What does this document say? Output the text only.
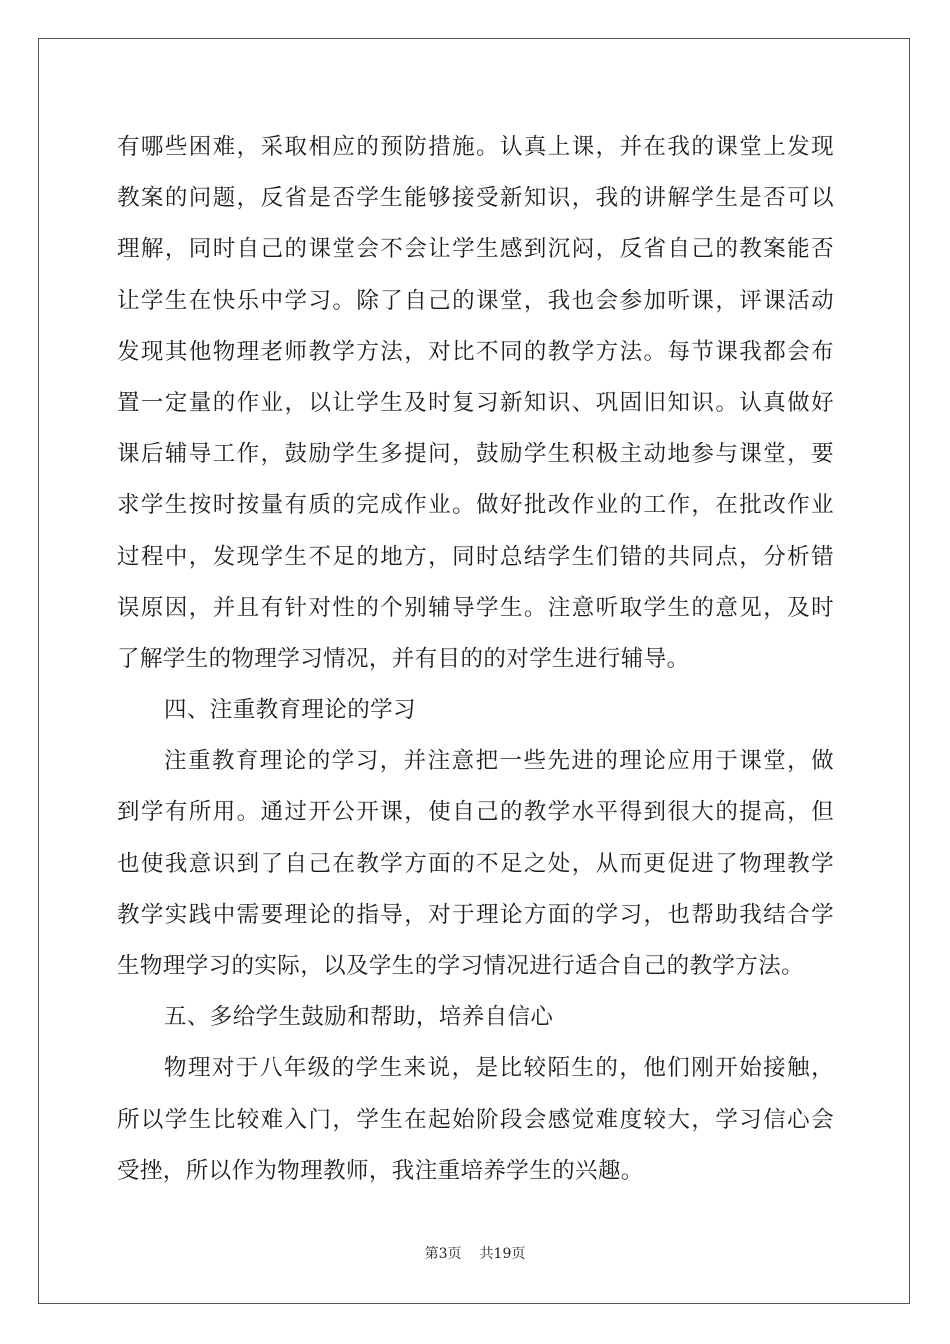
有哪些困难，采取相应的预防措施。认真上课，并在我的课堂上发现
教案的问题，反省是否学生能够接受新知识，我的讲解学生是否可以
理解，同时自己的课堂会不会让学生感到沉闷，反省自己的教案能否
让学生在快乐中学习。除了自己的课堂，我也会参加听课，评课活动
发现其他物理老师教学方法，对比不同的教学方法。每节课我都会布
置一定量的作业，以让学生及时复习新知识、巩固旧知识。认真做好
课后辅导工作，鼓励学生多提问，鼓励学生积极主动地参与课堂，要
求学生按时按量有质的完成作业。做好批改作业的工作，在批改作业
过程中，发现学生不足的地方，同时总结学生们错的共同点，分析错
误原因，并且有针对性的个别辅导学生。注意听取学生的意见，及时
了解学生的物理学习情况，并有目的的对学生进行辅导。
四、注重教育理论的学习
注重教育理论的学习，并注意把一些先进的理论应用于课堂，做
到学有所用。通过开公开课，使自己的教学水平得到很大的提高，但
也使我意识到了自己在教学方面的不足之处，从而更促进了物理教学
教学实践中需要理论的指导，对于理论方面的学习，也帮助我结合学
生物理学习的实际，以及学生的学习情况进行适合自己的教学方法。
五、多给学生鼓励和帮助，培养自信心
物理对于八年级的学生来说，是比较陌生的，他们刚开始接触，
所以学生比较难入门，学生在起始阶段会感觉难度较大，学习信心会
受挫，所以作为物理教师，我注重培养学生的兴趣。
第3页 共19页
